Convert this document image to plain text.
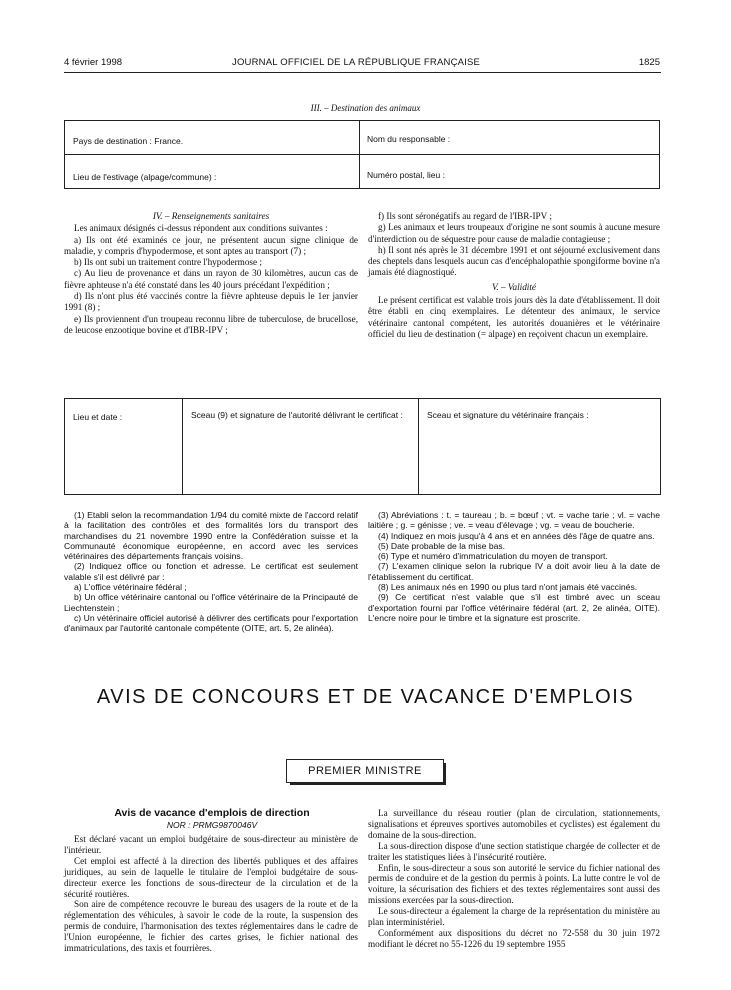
4 février 1998	JOURNAL OFFICIEL DE LA RÉPUBLIQUE FRANÇAISE	1825
III. – Destination des animaux
Pays de destination : France.	Nom du responsable :
Lieu de l'estivage (alpage/commune) :	Numéro postal, lieu :

IV. – Renseignements sanitaires

Les animaux désignés ci-dessus répondent aux conditions suivantes :

a) Ils ont été examinés ce jour, ne présentent aucun signe clinique de maladie, y compris d'hypodermose, et sont aptes au transport (7) ;

b) Ils ont subi un traitement contre l'hypodermose ;

c) Au lieu de provenance et dans un rayon de 30 kilomètres, aucun cas de fièvre aphteuse n'a été constaté dans les 40 jours précédant l'expédition ;

d) Ils n'ont plus été vaccinés contre la fièvre aphteuse depuis le 1er janvier 1991 (8) ;

e) Ils proviennent d'un troupeau reconnu libre de tuberculose, de brucellose, de leucose enzootique bovine et d'IBR-IPV ;

f) Ils sont séronégatifs au regard de l'IBR-IPV ;

g) Les animaux et leurs troupeaux d'origine ne sont soumis à aucune mesure d'interdiction ou de séquestre pour cause de maladie contagieuse ;

h) Il sont nés après le 31 décembre 1991 et ont séjourné exclusivement dans des cheptels dans lesquels aucun cas d'encéphalopathie spongiforme bovine n'a jamais été diagnostiqué.

V. – Validité

Le présent certificat est valable trois jours dès la date d'établissement. Il doit être établi en cinq exemplaires. Le détenteur des animaux, le service vétérinaire cantonal compétent, les autorités douanières et le vétérinaire officiel du lieu de destination (= alpage) en reçoivent chacun un exemplaire.

Lieu et date :	Sceau (9) et signature de l'autorité délivrant le certificat :	Sceau et signature du vétérinaire français :

(1) Etabli selon la recommandation 1/94 du comité mixte de l'accord relatif à la facilitation des contrôles et des formalités lors du transport des marchandises du 21 novembre 1990 entre la Confédération suisse et la Communauté économique européenne, en accord avec les services vétérinaires des départements français voisins.

(2) Indiquez office ou fonction et adresse. Le certificat est seulement valable s'il est délivré par :

a) L'office vétérinaire fédéral ;

b) Un office vétérinaire cantonal ou l'office vétérinaire de la Principauté de Liechtenstein ;

c) Un vétérinaire officiel autorisé à délivrer des certificats pour l'exportation d'animaux par l'autorité cantonale compétente (OITE, art. 5, 2e alinéa).

(3) Abréviations : t. = taureau ; b. = bœuf ; vt. = vache tarie ; vl. = vache laitière ; g. = génisse ; ve. = veau d'élevage ; vg. = veau de boucherie.

(4) Indiquez en mois jusqu'à 4 ans et en années dès l'âge de quatre ans.

(5) Date probable de la mise bas.

(6) Type et numéro d'immatriculation du moyen de transport.

(7) L'examen clinique selon la rubrique IV a doit avoir lieu à la date de l'établissement du certificat.

(8) Les animaux nés en 1990 ou plus tard n'ont jamais été vaccinés.

(9) Ce certificat n'est valable que s'il est timbré avec un sceau d'exportation fourni par l'office vétérinaire fédéral (art. 2, 2e alinéa, OITE). L'encre noire pour le timbre et la signature est proscrite.

AVIS DE CONCOURS ET DE VACANCE D'EMPLOIS
PREMIER MINISTRE
Avis de vacance d'emplois de direction
NOR : PRMG9870046V

Est déclaré vacant un emploi budgétaire de sous-directeur au ministère de l'intérieur.

Cet emploi est affecté à la direction des libertés publiques et des affaires juridiques, au sein de laquelle le titulaire de l'emploi budgétaire de sous-directeur exerce les fonctions de sous-directeur de la circulation et de la sécurité routières.

Son aire de compétence recouvre le bureau des usagers de la route et de la réglementation des véhicules, à savoir le code de la route, la suspension des permis de conduire, l'harmonisation des textes réglementaires dans le cadre de l'Union européenne, le fichier des cartes grises, le fichier national des immatriculations, des taxis et fourrières.

La surveillance du réseau routier (plan de circulation, stationnements, signalisations et épreuves sportives automobiles et cyclistes) est également du domaine de la sous-direction.

La sous-direction dispose d'une section statistique chargée de collecter et de traiter les statistiques liées à l'insécurité routière.

Enfin, le sous-directeur a sous son autorité le service du fichier national des permis de conduire et de la gestion du permis à points. La lutte contre le vol de voiture, la sécurisation des fichiers et des textes réglementaires sont aussi des missions exercées par la sous-direction.

Le sous-directeur a également la charge de la représentation du ministère au plan interministériel.

Conformément aux dispositions du décret no 72-558 du 30 juin 1972 modifiant le décret no 55-1226 du 19 septembre 1955
